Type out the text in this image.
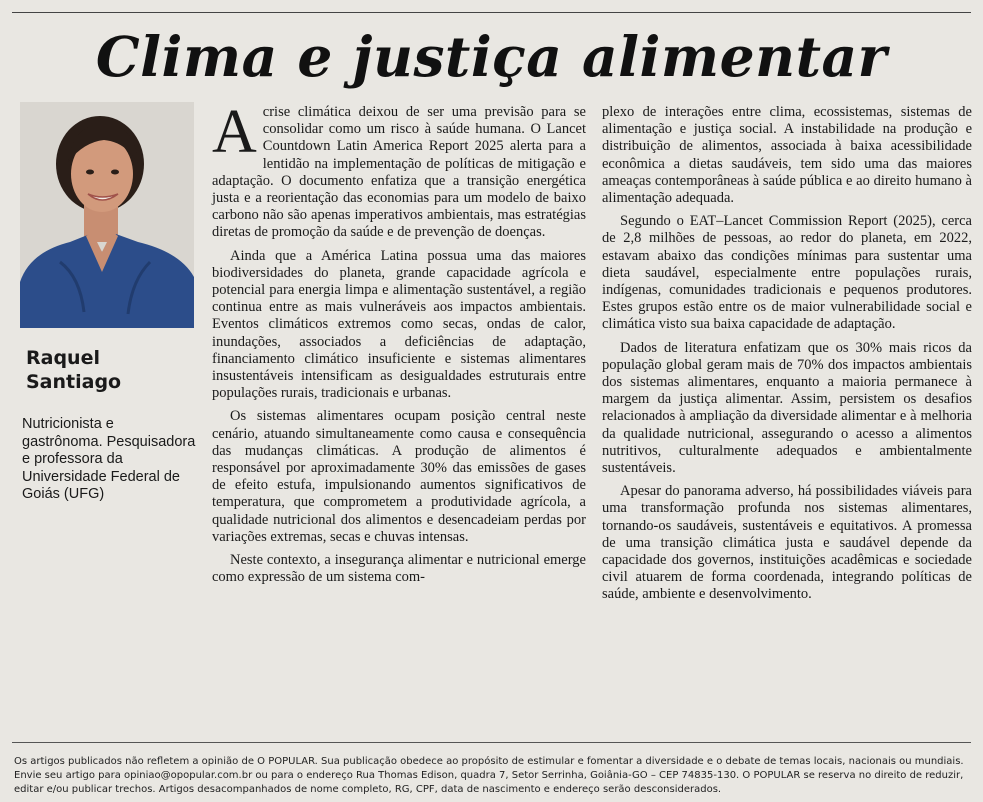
Clima e justiça alimentar

Raquel
Santiago

Nutricionista e gastrônoma. Pesquisadora e professora da Universidade Federal de Goiás (UFG)

Acrise climática deixou de ser uma previsão para se consolidar como um risco à saúde humana. O Lancet Countdown Latin America Report 2025 alerta para a lentidão na implementação de políticas de mitigação e adaptação. O documento enfatiza que a transição energética justa e a reorientação das economias para um modelo de baixo carbono não são apenas imperativos ambientais, mas estratégias diretas de promoção da saúde e de prevenção de doenças.

Ainda que a América Latina possua uma das maiores biodiversidades do planeta, grande capacidade agrícola e potencial para energia limpa e alimentação sustentável, a região continua entre as mais vulneráveis aos impactos ambientais. Eventos climáticos extremos como secas, ondas de calor, inundações, associados a deficiências de adaptação, financiamento climático insuficiente e sistemas alimentares insustentáveis intensificam as desigualdades estruturais entre populações rurais, tradicionais e urbanas.

Os sistemas alimentares ocupam posição central neste cenário, atuando simultaneamente como causa e consequência das mudanças climáticas. A produção de alimentos é responsável por aproximadamente 30% das emissões de gases de efeito estufa, impulsionando aumentos significativos de temperatura, que comprometem a produtividade agrícola, a qualidade nutricional dos alimentos e desencadeiam perdas por variações extremas, secas e chuvas intensas.

Neste contexto, a insegurança alimentar e nutricional emerge como expressão de um sistema com-

plexo de interações entre clima, ecossistemas, sistemas de alimentação e justiça social. A instabilidade na produção e distribuição de alimentos, associada à baixa acessibilidade econômica a dietas saudáveis, tem sido uma das maiores ameaças contemporâneas à saúde pública e ao direito humano à alimentação adequada.

Segundo o EAT–Lancet Commission Report (2025), cerca de 2,8 milhões de pessoas, ao redor do planeta, em 2022, estavam abaixo das condições mínimas para sustentar uma dieta saudável, especialmente entre populações rurais, indígenas, comunidades tradicionais e pequenos produtores. Estes grupos estão entre os de maior vulnerabilidade social e climática visto sua baixa capacidade de adaptação.

Dados de literatura enfatizam que os 30% mais ricos da população global geram mais de 70% dos impactos ambientais dos sistemas alimentares, enquanto a maioria permanece à margem da justiça alimentar. Assim, persistem os desafios relacionados à ampliação da diversidade alimentar e à melhoria da qualidade nutricional, assegurando o acesso a alimentos nutritivos, culturalmente adequados e ambientalmente sustentáveis.

Apesar do panorama adverso, há possibilidades viáveis para uma transformação profunda nos sistemas alimentares, tornando-os saudáveis, sustentáveis e equitativos. A promessa de uma transição climática justa e saudável depende da capacidade dos governos, instituições acadêmicas e sociedade civil atuarem de forma coordenada, integrando políticas de saúde, ambiente e desenvolvimento.

Os artigos publicados não refletem a opinião de O POPULAR. Sua publicação obedece ao propósito de estimular e fomentar a diversidade e o debate de temas locais, nacionais ou mundiais. Envie seu artigo para opiniao@opopular.com.br ou para o endereço Rua Thomas Edison, quadra 7, Setor Serrinha, Goiânia-GO – CEP 74835-130. O POPULAR se reserva no direito de reduzir, editar e/ou publicar trechos. Artigos desacompanhados de nome completo, RG, CPF, data de nascimento e endereço serão desconsiderados.
